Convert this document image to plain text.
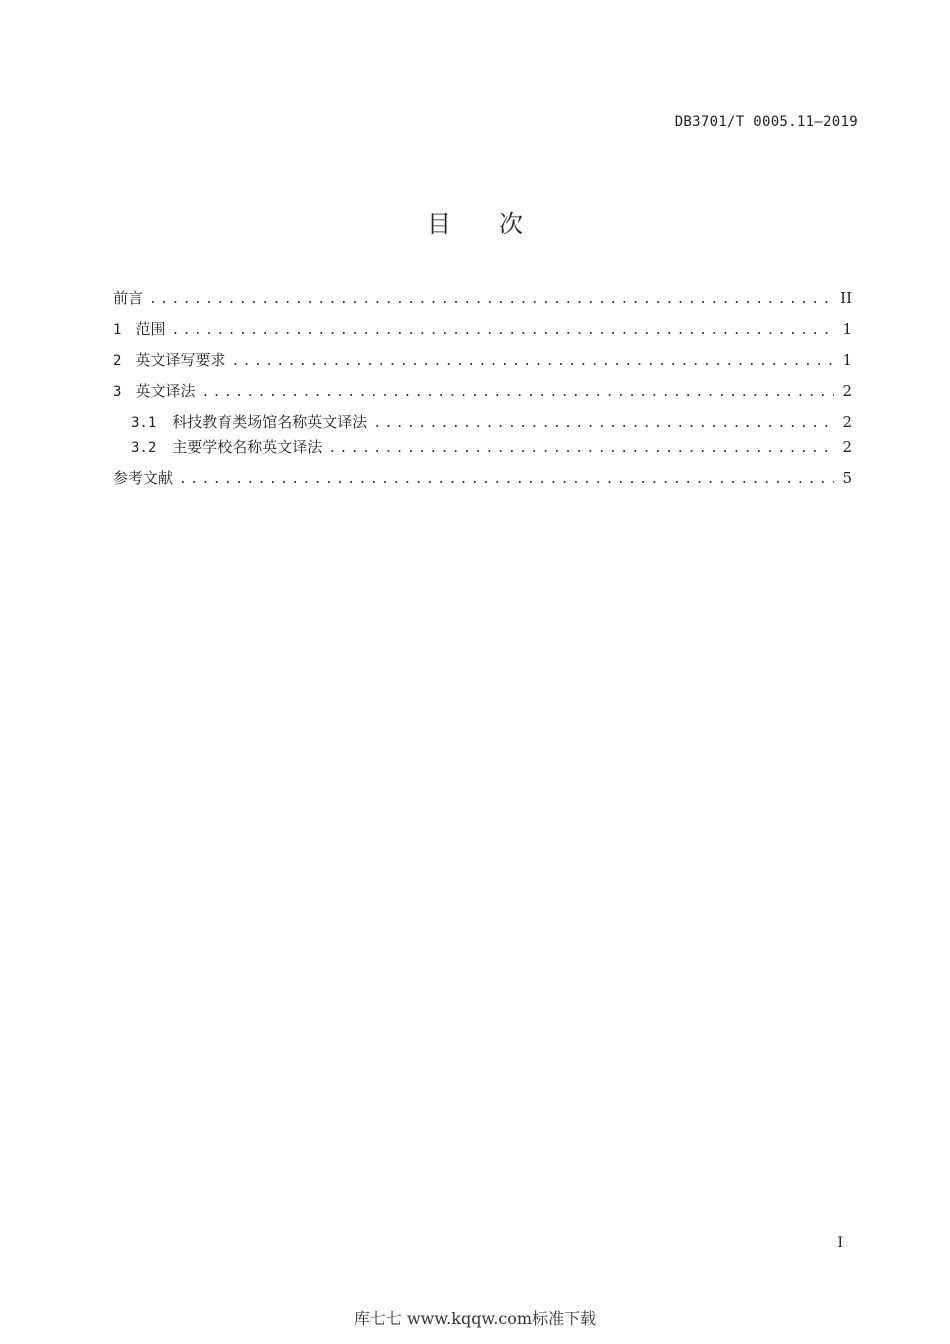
DB3701/T 0005.11—2019
目次
前言 .....	II
1 范围 .....	1
2 英文译写要求 .....	1
3 英文译法 .....	2
3.1 科技教育类场馆名称英文译法 .....	2
3.2 主要学校名称英文译法 .....	2
参考文献 .....	5
I
库七七 www.kqqw.com标准下载
